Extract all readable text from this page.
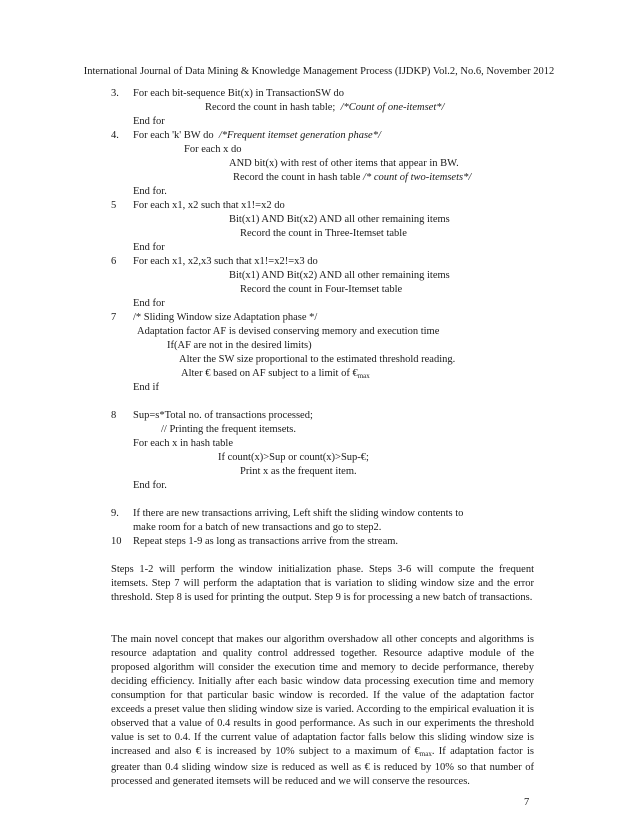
International Journal of Data Mining & Knowledge Management Process (IJDKP) Vol.2, No.6, November 2012
3. For each bit-sequence Bit(x) in TransactionSW do
Record the count in hash table; /*Count of one-itemset*/
End for
4. For each 'k' BW do /*Frequent itemset generation phase*/
For each x do
AND bit(x) with rest of other items that appear in BW.
Record the count in hash table /* count of two-itemsets*/
End for.
5 For each x1, x2 such that x1!=x2 do
Bit(x1) AND Bit(x2) AND all other remaining items
Record the count in Three-Itemset table
End for
6 For each x1, x2,x3 such that x1!=x2!=x3 do
Bit(x1) AND Bit(x2) AND all other remaining items
Record the count in Four-Itemset table
End for
7 /* Sliding Window size Adaptation phase */
Adaptation factor AF is devised conserving memory and execution time
If(AF are not in the desired limits)
Alter the SW size proportional to the estimated threshold reading.
Alter € based on AF subject to a limit of $€_{max}$
End if
8 Sup=s*Total no. of transactions processed;
// Printing the frequent itemsets.
For each x in hash table
If count(x)>Sup or count(x)>Sup-€;
Print x as the frequent item.
End for.
9. If there are new transactions arriving, Left shift the sliding window contents to
make room for a batch of new transactions and go to step2.
10 Repeat steps 1-9 as long as transactions arrive from the stream.
Steps 1-2 will perform the window initialization phase. Steps 3-6 will compute the frequent itemsets. Step 7 will perform the adaptation that is variation to sliding window size and the error threshold. Step 8 is used for printing the output. Step 9 is for processing a new batch of transactions.
The main novel concept that makes our algorithm overshadow all other concepts and algorithms is resource adaptation and quality control addressed together. Resource adaptive module of the proposed algorithm will consider the execution time and memory to decide performance, thereby deciding efficiency. Initially after each basic window data processing execution time and memory consumption for that particular basic window is recorded. If the value of the adaptation factor exceeds a preset value then sliding window size is varied. According to the empirical evaluation it is observed that a value of 0.4 results in good performance. As such in our experiments the threshold value is set to 0.4. If the current value of adaptation factor falls below this sliding window size is increased and also € is increased by 10% subject to a maximum of $€_{max}$. If adaptation factor is greater than 0.4 sliding window size is reduced as well as € is reduced by 10% so that number of processed and generated itemsets will be reduced and we will conserve the resources.
7
